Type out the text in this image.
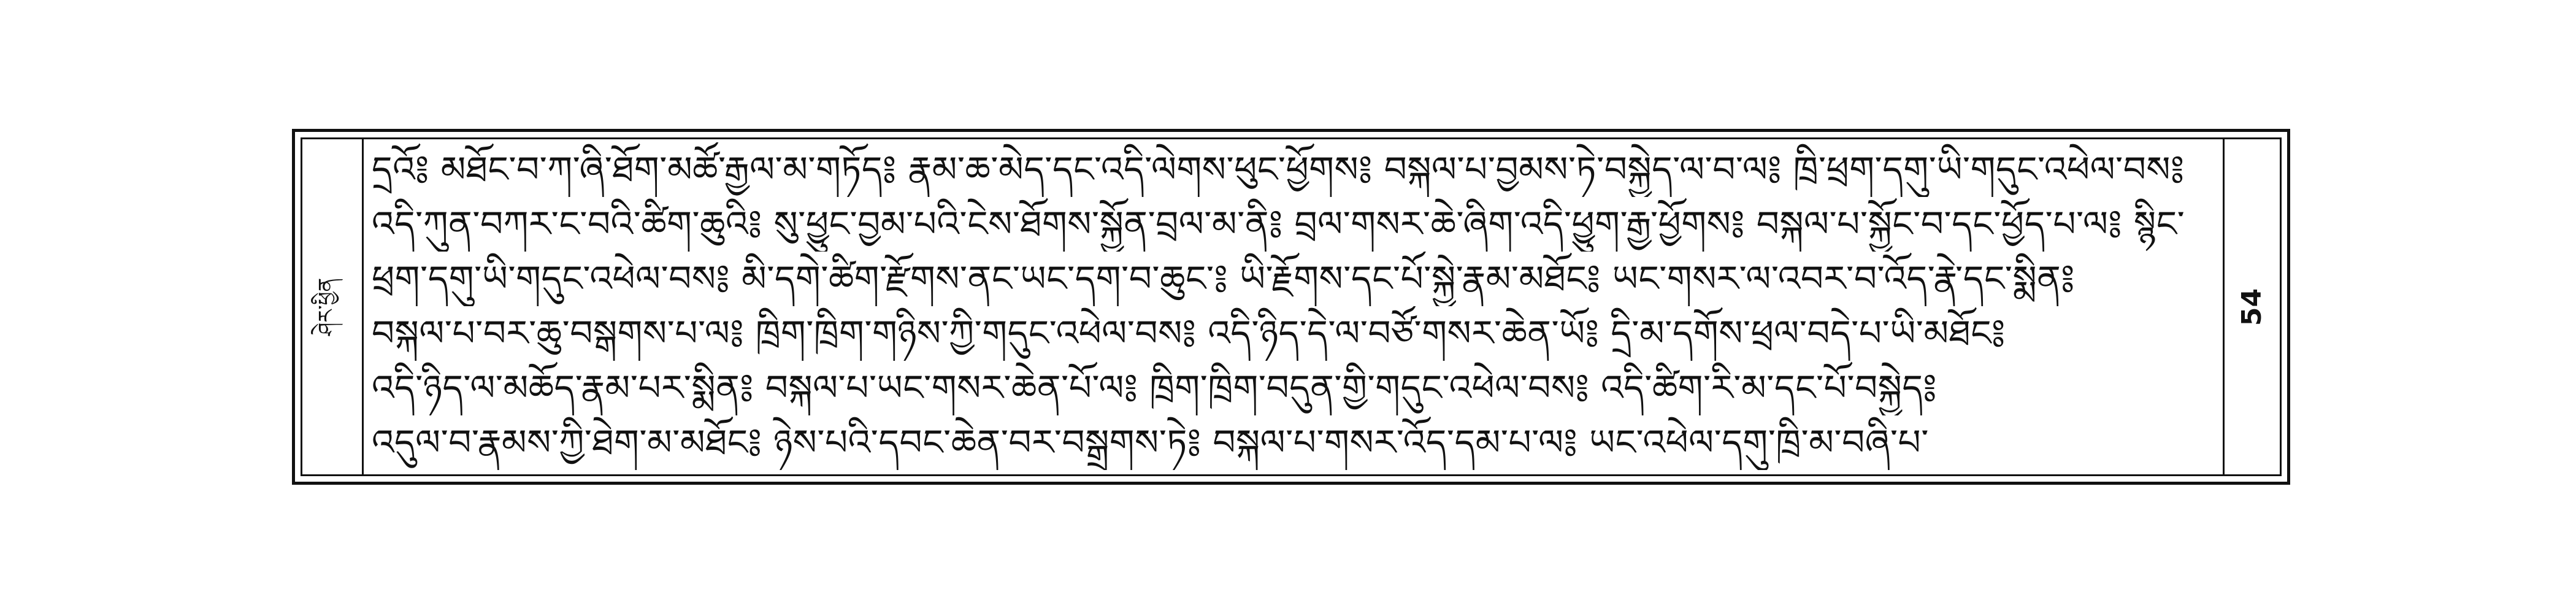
ཤེར་ཕྱིན
དྲའོ༔ མཐོང་བ་ཀ་ཞི་ཐོག་མཚོ་རྒྱལ་མ་གཏོད༔ རྣམ་ཆ་མེད་དང་འདི་ལེགས་ཕུང་ཕྱོགས༔ བསྐལ་པ་བྱམས་ཏེ་བསྐྱེད་ལ་བ་ལ༔ ཁྲི་ཕྲག་དགུ་ཡི་གདུང་འཕེལ་བས༔
འདི་ཀུན་བཀར་ང་བའི་ཚིག་ཆུའི༔ སུ་ཕྱུང་བྱམ་པའི་ངེས་ཐོགས་སྐྱོན་བྲལ་མ་ནི༔ བྲལ་གསར་ཆེ་ཞིག་འདི་ཕྱུག་རྒྱ་ཕྱོགས༔ བསྐལ་པ་སྐྱོང་བ་དང་ཕྱོད་པ་ལ༔ སྙིང་
ཕྲག་དགུ་ཡི་གདུང་འཕེལ་བས༔ མི་དགེ་ཚིག་རྫོགས་ནང་ཡང་དག་བ་ཆུང་༔ ཡི་རྗོགས་དང་པོ་སྐྱེ་རྣམ་མཐོང༔ ཡང་གསར་ལ་འབར་བ་འོད་རྣེ་དང་སྨིན༔
བསྐལ་པ་བར་ཆུ་བསྒགས་པ་ལ༔ ཁྲིག་ཁྲིག་གཉིས་ཀྱི་གདུང་འཕེལ་བས༔ འདི་ཉིད་དེ་ལ་བཙོ་གསར་ཆེན་ཡོ༔ དྲི་མ་དགོས་ཕྲལ་བདེ་པ་ཡི་མཐོང༔
འདི་ཉིད་ལ་མཆོད་རྣམ་པར་སྨིན༔ བསྐལ་པ་ཡང་གསར་ཆེན་པོ་ལ༔ ཁྲིག་ཁྲིག་བདུན་གྱི་གདུང་འཕེལ་བས༔ འདི་ཚིག་རི་མ་དང་པོ་བསྐྱེད༔
འདུལ་བ་རྣམས་ཀྱི་ཐེག་མ་མཐོང༔ ཉེས་པའི་དབང་ཆེན་བར་བསྒྲགས་ཏེ༔ བསྐལ་པ་གསར་འོད་དམ་པ་ལ༔ ཡང་འཕེལ་དགུ་ཁྲི་མ་བཞི་པ་
54
